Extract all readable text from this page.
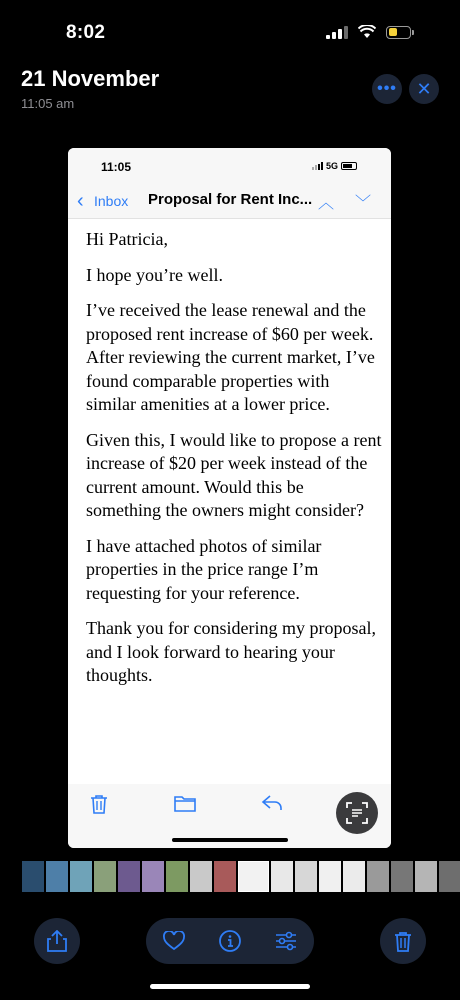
8:02
21 November
11:05 am
••• ✕
11:05	5G
‹ Inbox Proposal for Rent Inc... ︿ ﹀

Hi Patricia,

I hope you’re well.

I’ve received the lease renewal and the proposed rent increase of $60 per week. After reviewing the current market, I’ve found comparable properties with similar amenities at a lower price.

Given this, I would like to propose a rent increase of $20 per week instead of the current amount. Would this be something the owners might consider?

I have attached photos of similar properties in the price range I’m requesting for your reference.

Thank you for considering my proposal, and I look forward to hearing your thoughts.
